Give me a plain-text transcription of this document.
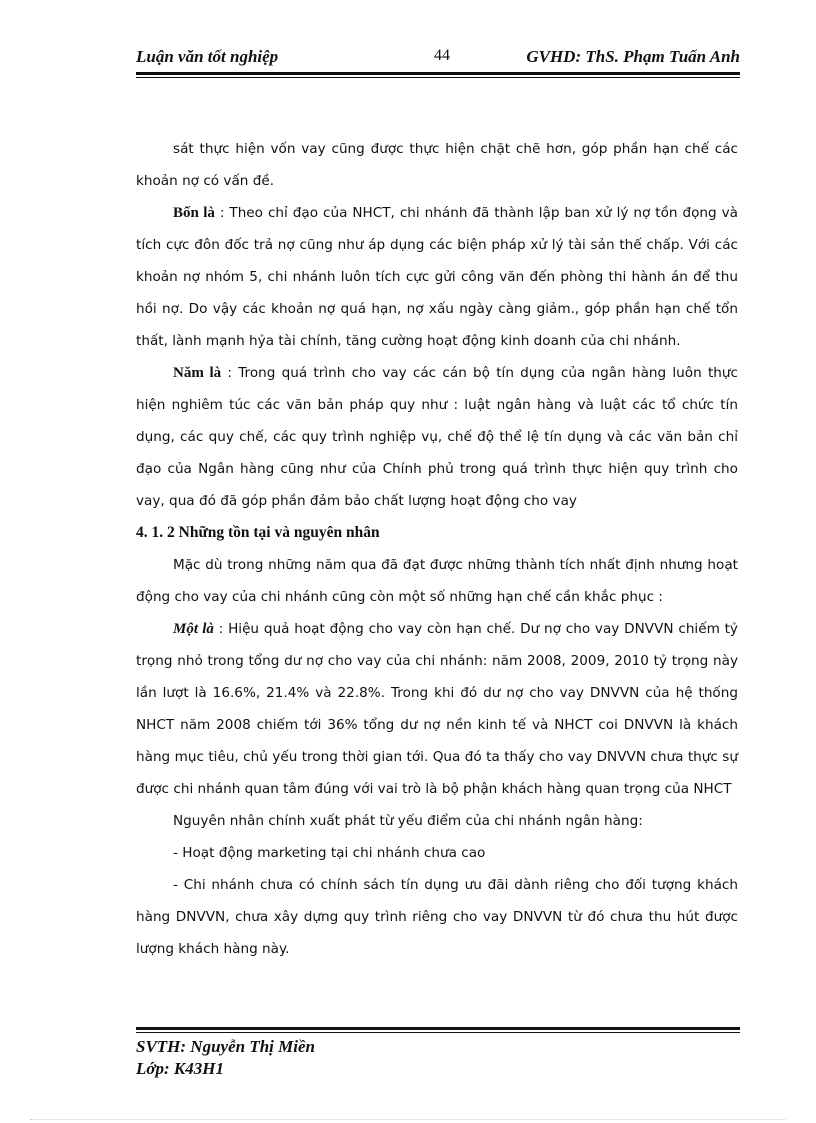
Luận văn tốt nghiệp	44	GVHD: ThS. Phạm Tuấn Anh

sát thực hiện vốn vay cũng được thực hiện chặt chẽ hơn, góp phần hạn chế các khoản nợ có vấn đề.

Bốn là : Theo chỉ đạo của NHCT, chi nhánh đã thành lập ban xử lý nợ tồn đọng và tích cực đôn đốc trả nợ cũng như áp dụng các biện pháp xử lý tài sản thế chấp. Với các khoản nợ nhóm 5, chi nhánh luôn tích cực gửi công văn đến phòng thi hành án để thu hồi nợ. Do vậy các khoản nợ quá hạn, nợ xấu ngày càng giảm., góp phần hạn chế tổn thất, lành mạnh hỷa tài chính, tăng cường hoạt động kinh doanh của chi nhánh.

Năm là : Trong quá trình cho vay các cán bộ tín dụng của ngân hàng luôn thực hiện nghiêm túc các văn bản pháp quy như : luật ngân hàng và luật các tổ chức tín dụng, các quy chế, các quy trình nghiệp vụ, chế độ thể lệ tín dụng và các văn bản chỉ đạo của Ngân hàng cũng như của Chính phủ trong quá trình thực hiện quy trình cho vay, qua đó đã góp phần đảm bảo chất lượng hoạt động cho vay

4. 1. 2 Những tồn tại và nguyên nhân

Mặc dù trong những năm qua đã đạt được những thành tích nhất định nhưng hoạt động cho vay của chi nhánh cũng còn một số những hạn chế cần khắc phục :

Một là : Hiệu quả hoạt động cho vay còn hạn chế. Dư nợ cho vay DNVVN chiếm tỷ trọng nhỏ trong tổng dư nợ cho vay của chi nhánh: năm 2008, 2009, 2010 tỷ trọng này lần lượt là 16.6%, 21.4% và 22.8%. Trong khi đó dư nợ cho vay DNVVN của hệ thống NHCT năm 2008 chiếm tới 36% tổng dư nợ nền kinh tế và NHCT coi DNVVN là khách hàng mục tiêu, chủ yếu trong thời gian tới. Qua đó ta thấy cho vay DNVVN chưa thực sự được chi nhánh quan tâm đúng với vai trò là bộ phận khách hàng quan trọng của NHCT

Nguyên nhân chính xuất phát từ yếu điểm của chi nhánh ngân hàng:

- Hoạt động marketing tại chi nhánh chưa cao

- Chi nhánh chưa có chính sách tín dụng ưu đãi dành riêng cho đối tượng khách hàng DNVVN, chưa xây dựng quy trình riêng cho vay DNVVN từ đó chưa thu hút được lượng khách hàng này.

SVTH: Nguyễn Thị Miền
Lớp: K43H1
